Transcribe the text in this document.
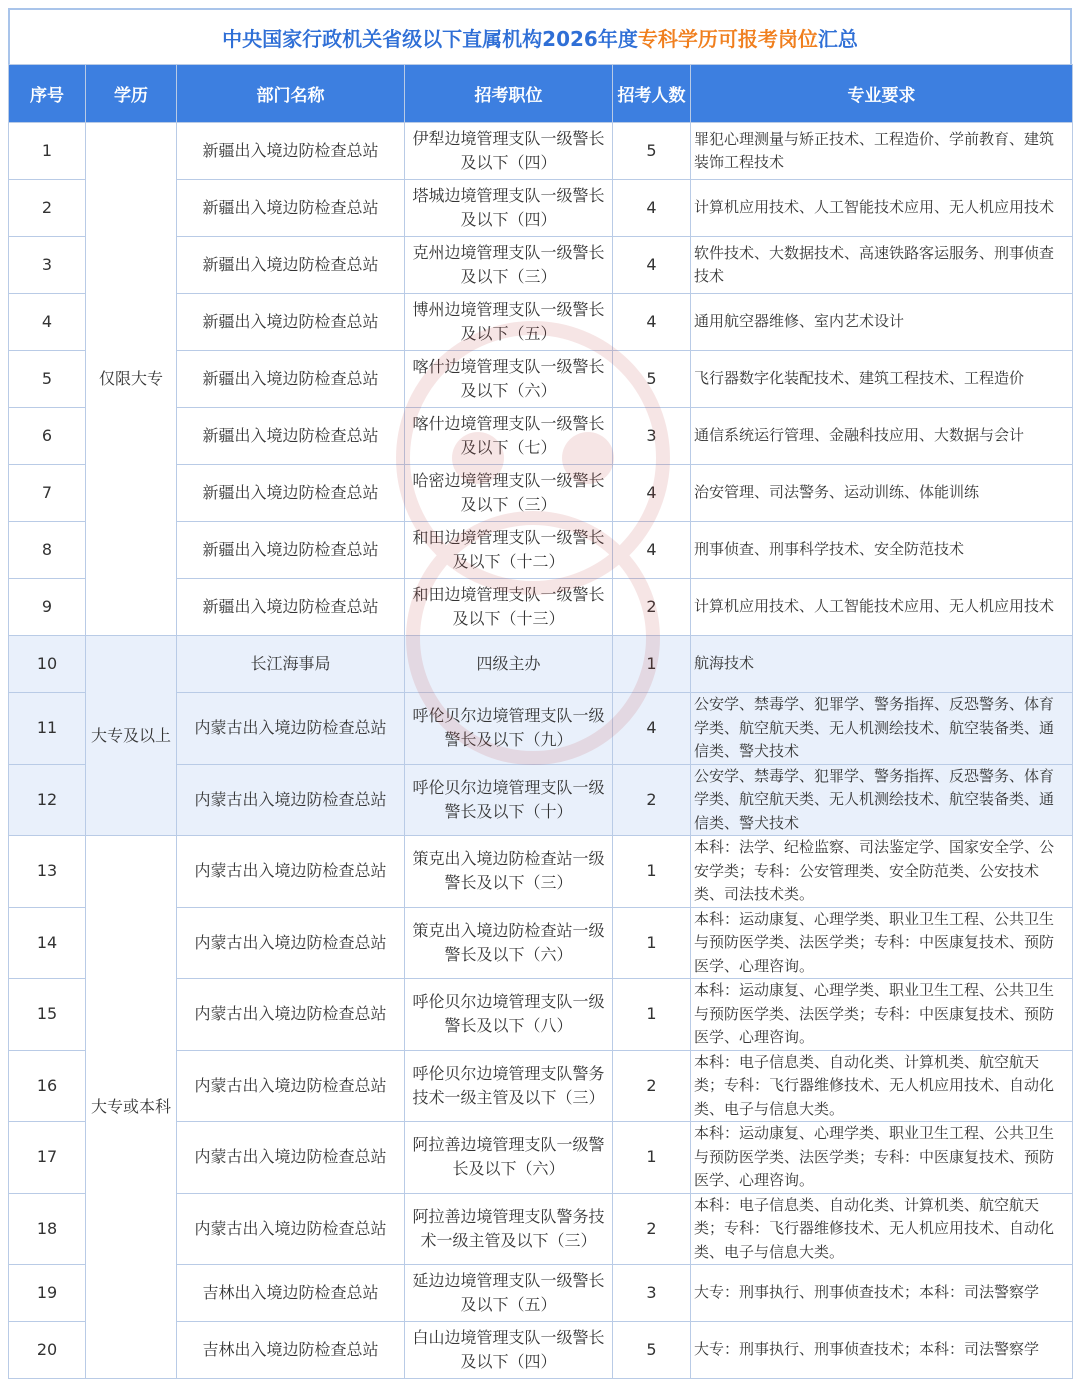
中央国家行政机关省级以下直属机构2026年度 专科学历可报考岗位 汇总
序号	学历	部门名称	招考职位	招考人数	专业要求
1	仅限大专	新疆出入境边防检查总站	伊犁边境管理支队一级警长及以下（四）	5	罪犯心理测量与矫正技术、工程造价、学前教育、建筑装饰工程技术
2		新疆出入境边防检查总站	塔城边境管理支队一级警长及以下（四）	4	计算机应用技术、人工智能技术应用、无人机应用技术
3		新疆出入境边防检查总站	克州边境管理支队一级警长及以下（三）	4	软件技术、大数据技术、高速铁路客运服务、刑事侦查技术
4		新疆出入境边防检查总站	博州边境管理支队一级警长及以下（五）	4	通用航空器维修、室内艺术设计
5		新疆出入境边防检查总站	喀什边境管理支队一级警长及以下（六）	5	飞行器数字化装配技术、建筑工程技术、工程造价
6		新疆出入境边防检查总站	喀什边境管理支队一级警长及以下（七）	3	通信系统运行管理、金融科技应用、大数据与会计
7		新疆出入境边防检查总站	哈密边境管理支队一级警长及以下（三）	4	治安管理、司法警务、运动训练、体能训练
8		新疆出入境边防检查总站	和田边境管理支队一级警长及以下（十二）	4	刑事侦查、刑事科学技术、安全防范技术
9		新疆出入境边防检查总站	和田边境管理支队一级警长及以下（十三）	2	计算机应用技术、人工智能技术应用、无人机应用技术
10	大专及以上	长江海事局	四级主办	1	航海技术
11		内蒙古出入境边防检查总站	呼伦贝尔边境管理支队一级警长及以下（九）	4	公安学、禁毒学、犯罪学、警务指挥、反恐警务、体育学类、航空航天类、无人机测绘技术、航空装备类、通信类、警犬技术
12		内蒙古出入境边防检查总站	呼伦贝尔边境管理支队一级警长及以下（十）	2	公安学、禁毒学、犯罪学、警务指挥、反恐警务、体育学类、航空航天类、无人机测绘技术、航空装备类、通信类、警犬技术
13	大专或本科	内蒙古出入境边防检查总站	策克出入境边防检查站一级警长及以下（三）	1	本科：法学、纪检监察、司法鉴定学、国家安全学、公安学类；专科：公安管理类、安全防范类、公安技术类、司法技术类。
14		内蒙古出入境边防检查总站	策克出入境边防检查站一级警长及以下（六）	1	本科：运动康复、心理学类、职业卫生工程、公共卫生与预防医学类、法医学类；专科：中医康复技术、预防医学、心理咨询。
15		内蒙古出入境边防检查总站	呼伦贝尔边境管理支队一级警长及以下（八）	1	本科：运动康复、心理学类、职业卫生工程、公共卫生与预防医学类、法医学类；专科：中医康复技术、预防医学、心理咨询。
16		内蒙古出入境边防检查总站	呼伦贝尔边境管理支队警务技术一级主管及以下（三）	2	本科：电子信息类、自动化类、计算机类、航空航天类；专科：飞行器维修技术、无人机应用技术、自动化类、电子与信息大类。
17		内蒙古出入境边防检查总站	阿拉善边境管理支队一级警长及以下（六）	1	本科：运动康复、心理学类、职业卫生工程、公共卫生与预防医学类、法医学类；专科：中医康复技术、预防医学、心理咨询。
18		内蒙古出入境边防检查总站	阿拉善边境管理支队警务技术一级主管及以下（三）	2	本科：电子信息类、自动化类、计算机类、航空航天类；专科：飞行器维修技术、无人机应用技术、自动化类、电子与信息大类。
19		吉林出入境边防检查总站	延边边境管理支队一级警长及以下（五）	3	大专：刑事执行、刑事侦查技术；本科：司法警察学
20		吉林出入境边防检查总站	白山边境管理支队一级警长及以下（四）	5	大专：刑事执行、刑事侦查技术；本科：司法警察学
